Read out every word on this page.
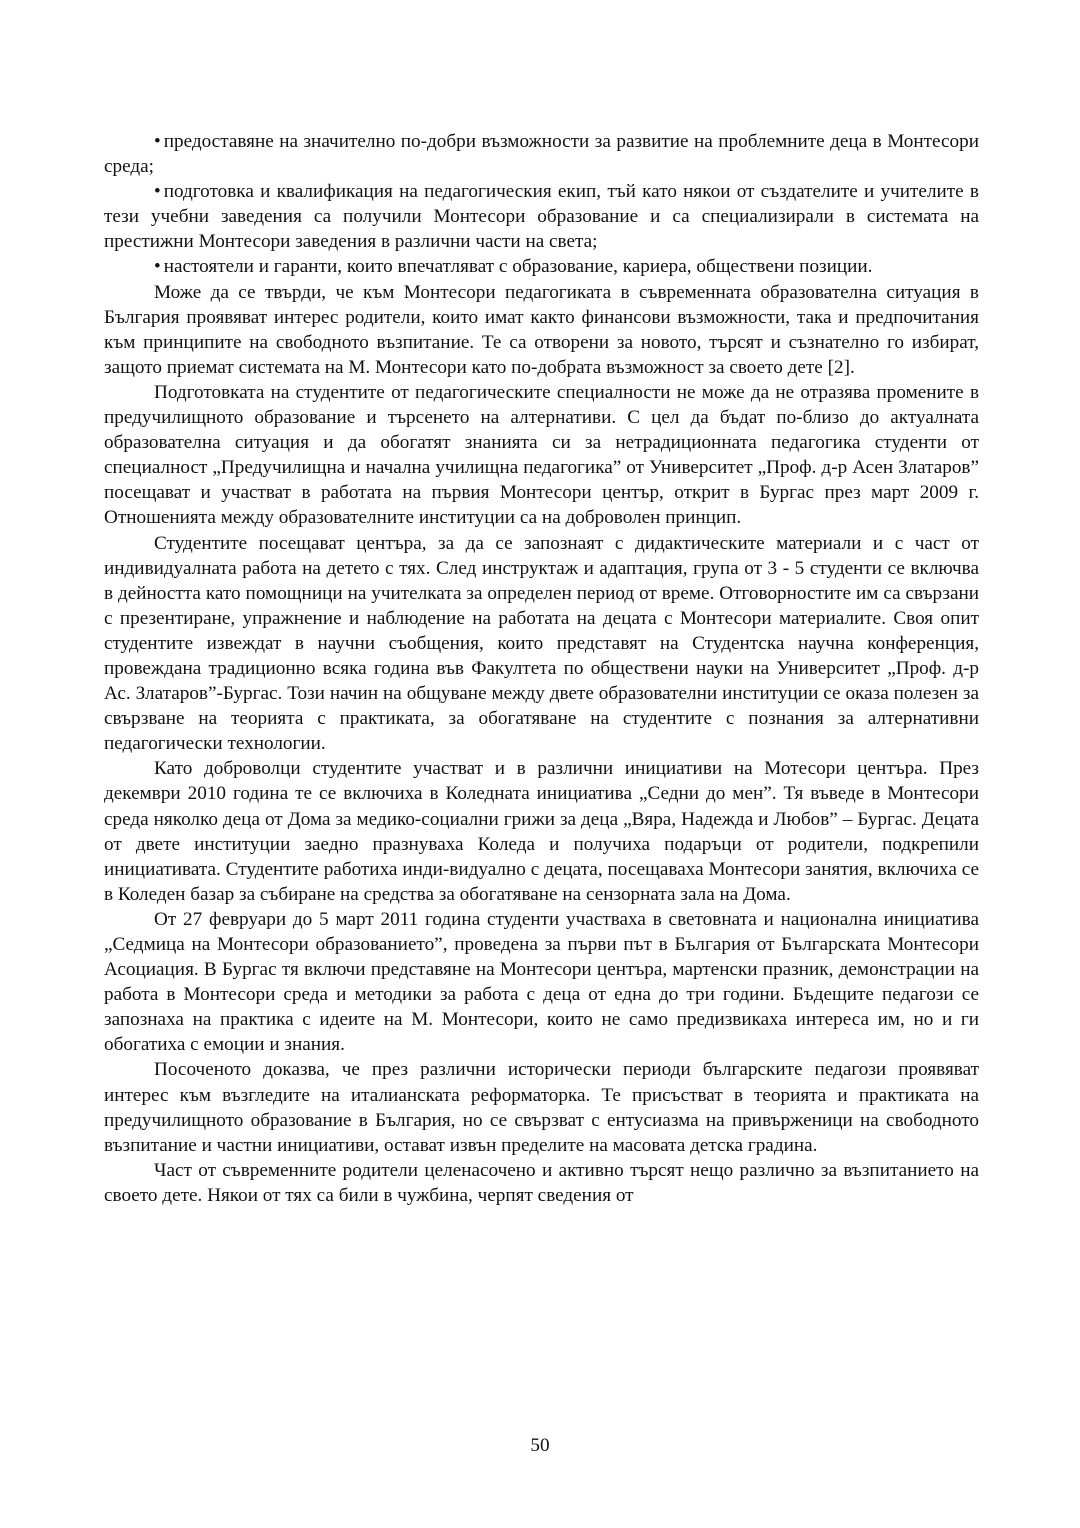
• предоставяне на значително по-добри възможности за развитие на проблемните деца в Монтесори среда;

• подготовка и квалификация на педагогическия екип, тъй като някои от създателите и учителите в тези учебни заведения са получили Монтесори образование и са специализирали в системата на престижни Монтесори заведения в различни части на света;

• настоятели и гаранти, които впечатляват с образование, кариера, обществени позиции.

Може да се твърди, че към Монтесори педагогиката в съвременната образователна ситуация в България проявяват интерес родители, които имат както финансови възможности, така и предпочитания към принципите на свободното възпитание. Те са отворени за новото, търсят и съзнателно го избират, защото приемат системата на М. Монтесори като по-добрата възможност за своето дете [2].

Подготовката на студентите от педагогическите специалности не може да не отразява промените в предучилищното образование и търсенето на алтернативи. С цел да бъдат по-близо до актуалната образователна ситуация и да обогатят знанията си за нетрадиционната педагогика студенти от специалност „Предучилищна и начална училищна педагогика” от Университет „Проф. д-р Асен Златаров” посещават и участват в работата на първия Монтесори център, открит в Бургас през март 2009 г. Отношенията между образователните институции са на доброволен принцип.

Студентите посещават центъра, за да се запознаят с дидактическите материали и с част от индивидуалната работа на детето с тях. След инструктаж и адаптация, група от 3 - 5 студенти се включва в дейността като помощници на учителката за определен период от време. Отговорностите им са свързани с презентиране, упражнение и наблюдение на работата на децата с Монтесори материалите. Своя опит студентите извеждат в научни съобщения, които представят на Студентска научна конференция, провеждана традиционно всяка година във Факултета по обществени науки на Университет „Проф. д-р Ас. Златаров”-Бургас. Този начин на общуване между двете образователни институции се оказа полезен за свързване на теорията с практиката, за обогатяване на студентите с познания за алтернативни педагогически технологии.

Като доброволци студентите участват и в различни инициативи на Мотесори центъра. През декември 2010 година те се включиха в Коледната инициатива „Седни до мен”. Тя въведе в Монтесори среда няколко деца от Дома за медико-социални грижи за деца „Вяра, Надежда и Любов” – Бургас. Децата от двете институции заедно празнуваха Коледа и получиха подаръци от родители, подкрепили инициативата. Студентите работиха инди-видуално с децата, посещаваха Монтесори занятия, включиха се в Коледен базар за събиране на средства за обогатяване на сензорната зала на Дома.

От 27 февруари до 5 март 2011 година студенти участваха в световната и национална инициатива „Седмица на Монтесори образованието”, проведена за първи път в България от Българската Монтесори Асоциация. В Бургас тя включи представяне на Монтесори центъра, мартенски празник, демонстрации на работа в Монтесори среда и методики за работа с деца от една до три години. Бъдещите педагози се запознаха на практика с идеите на М. Монтесори, които не само предизвикаха интереса им, но и ги обогатиха с емоции и знания.

Посоченото доказва, че през различни исторически периоди българските педагози проявяват интерес към възгледите на италианската реформаторка. Те присъстват в теорията и практиката на предучилищното образование в България, но се свързват с ентусиазма на привърженици на свободното възпитание и частни инициативи, остават извън пределите на масовата детска градина.

Част от съвременните родители целенасочено и активно търсят нещо различно за възпитанието на своето дете. Някои от тях са били в чужбина, черпят сведения от

50
